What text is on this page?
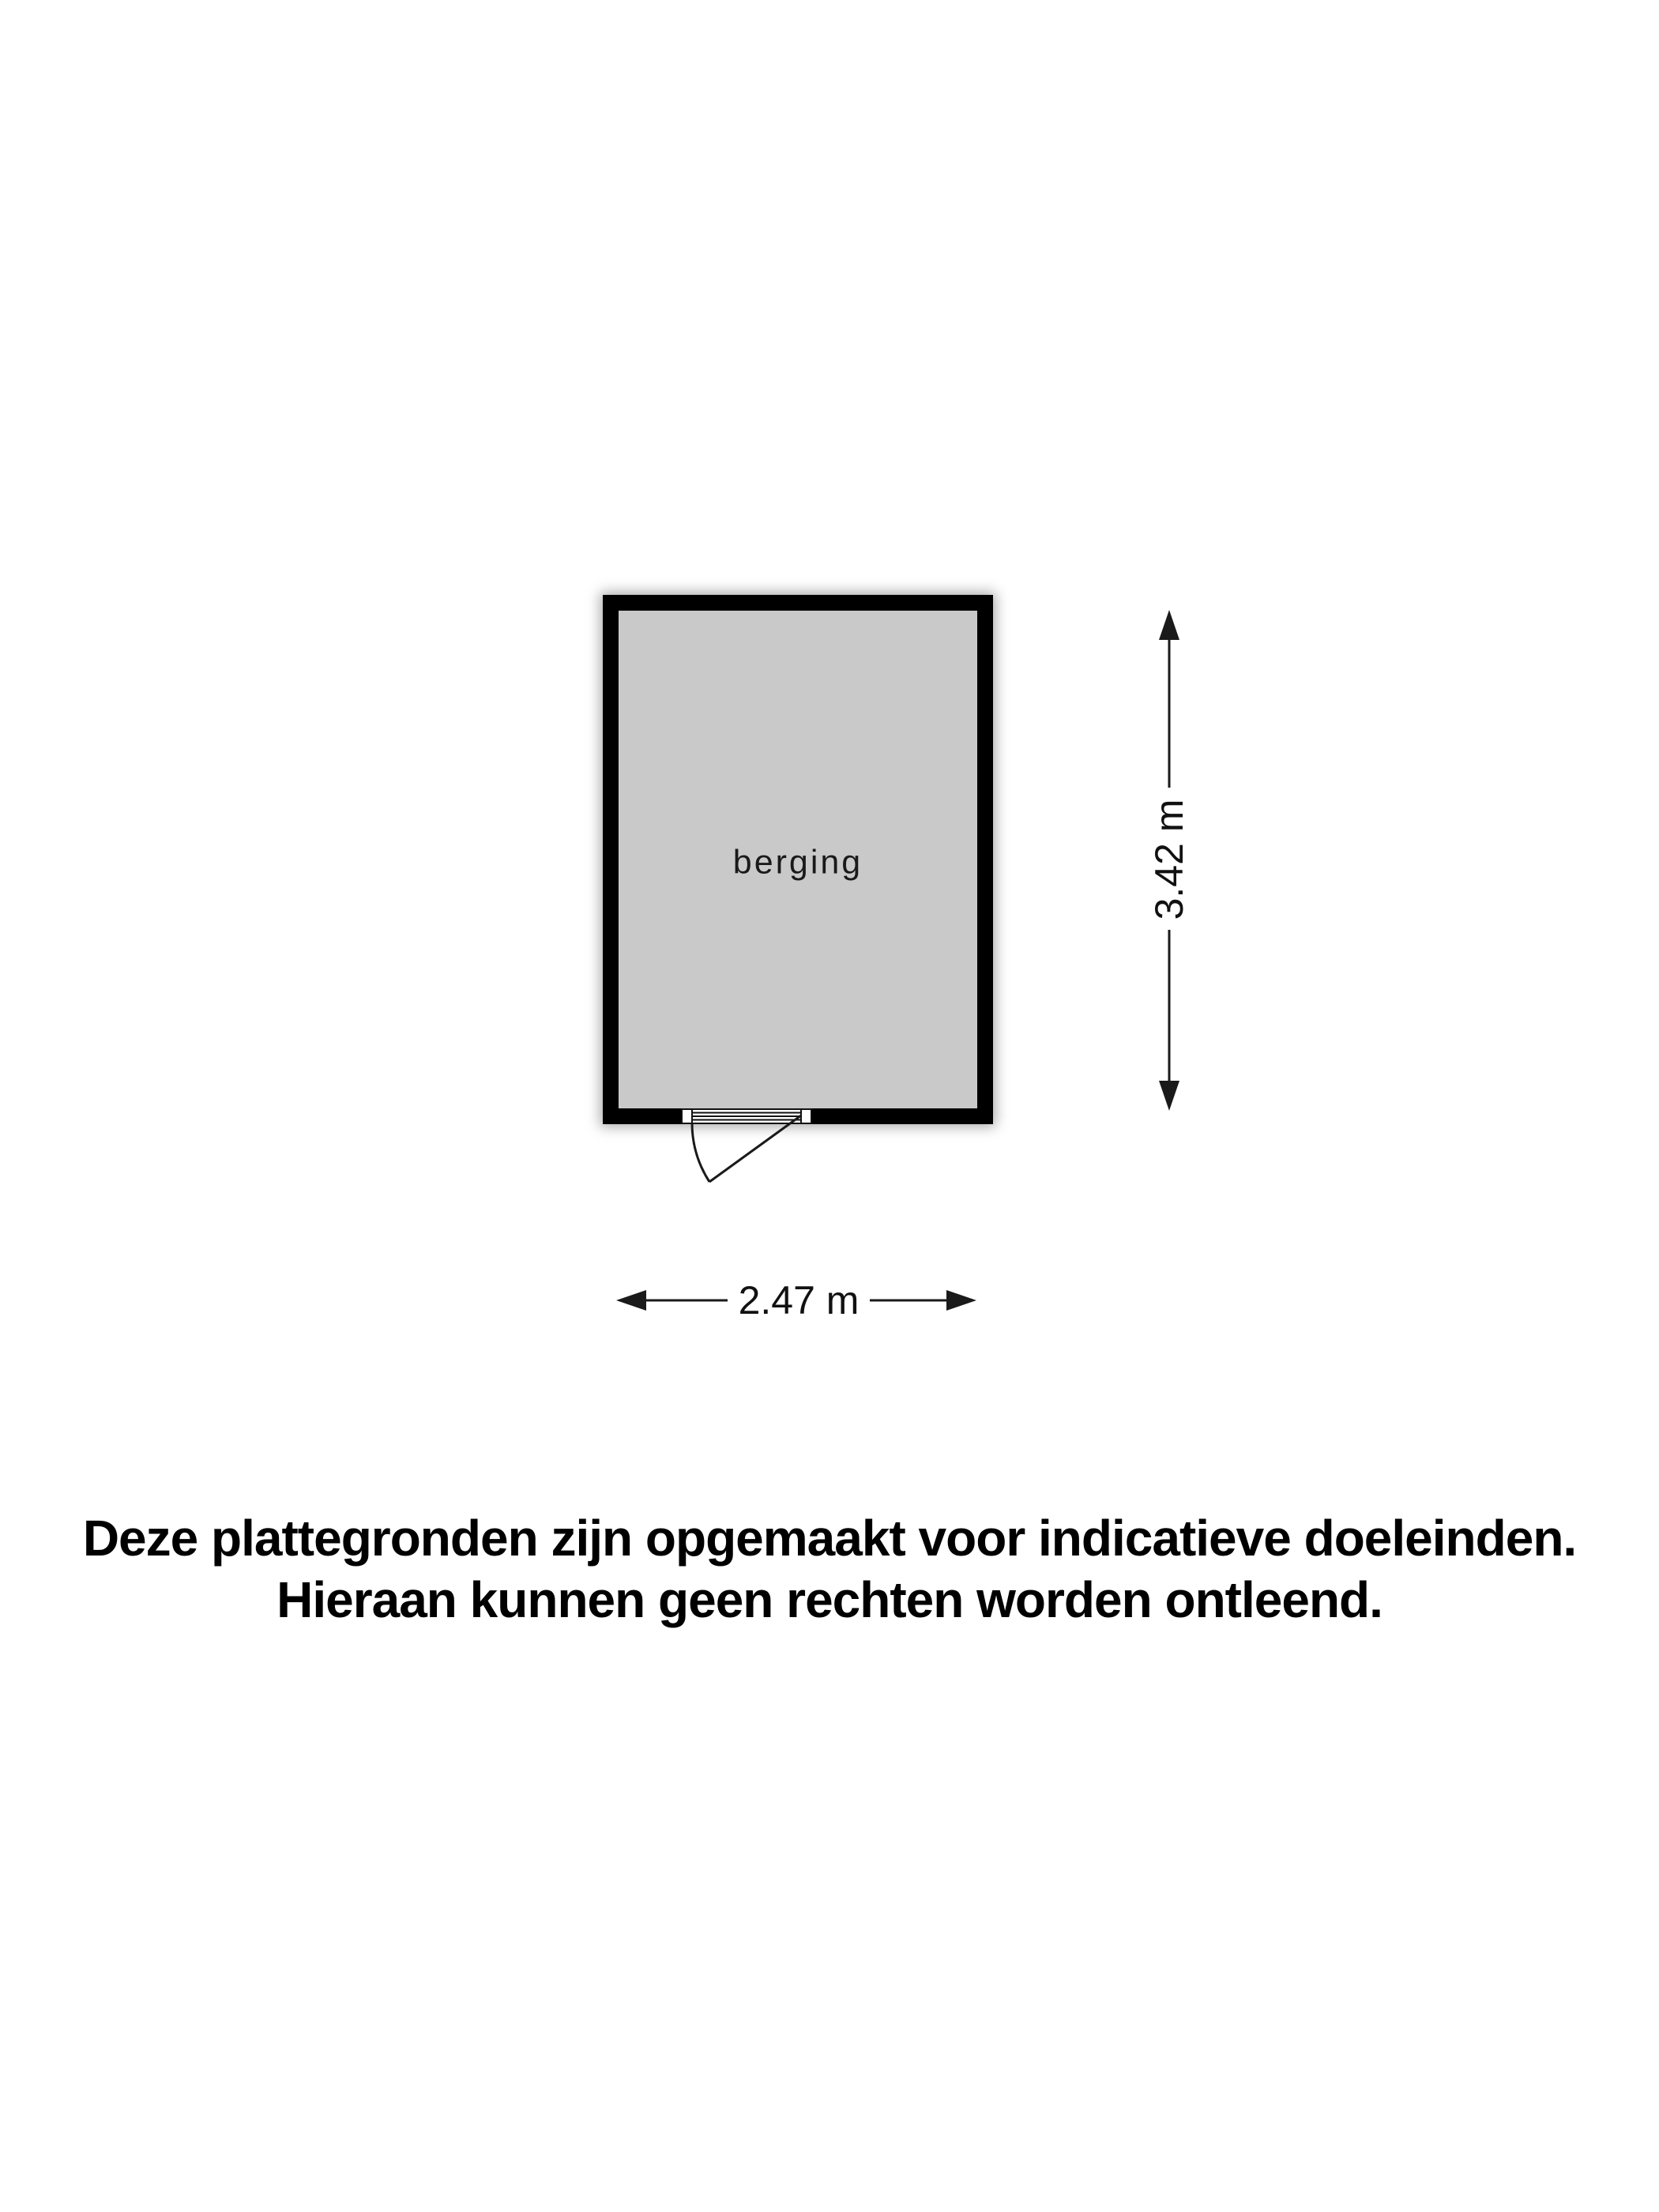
berging
2.47 m
3.42 m
Deze plattegronden zijn opgemaakt voor indicatieve doeleinden.
Hieraan kunnen geen rechten worden ontleend.
